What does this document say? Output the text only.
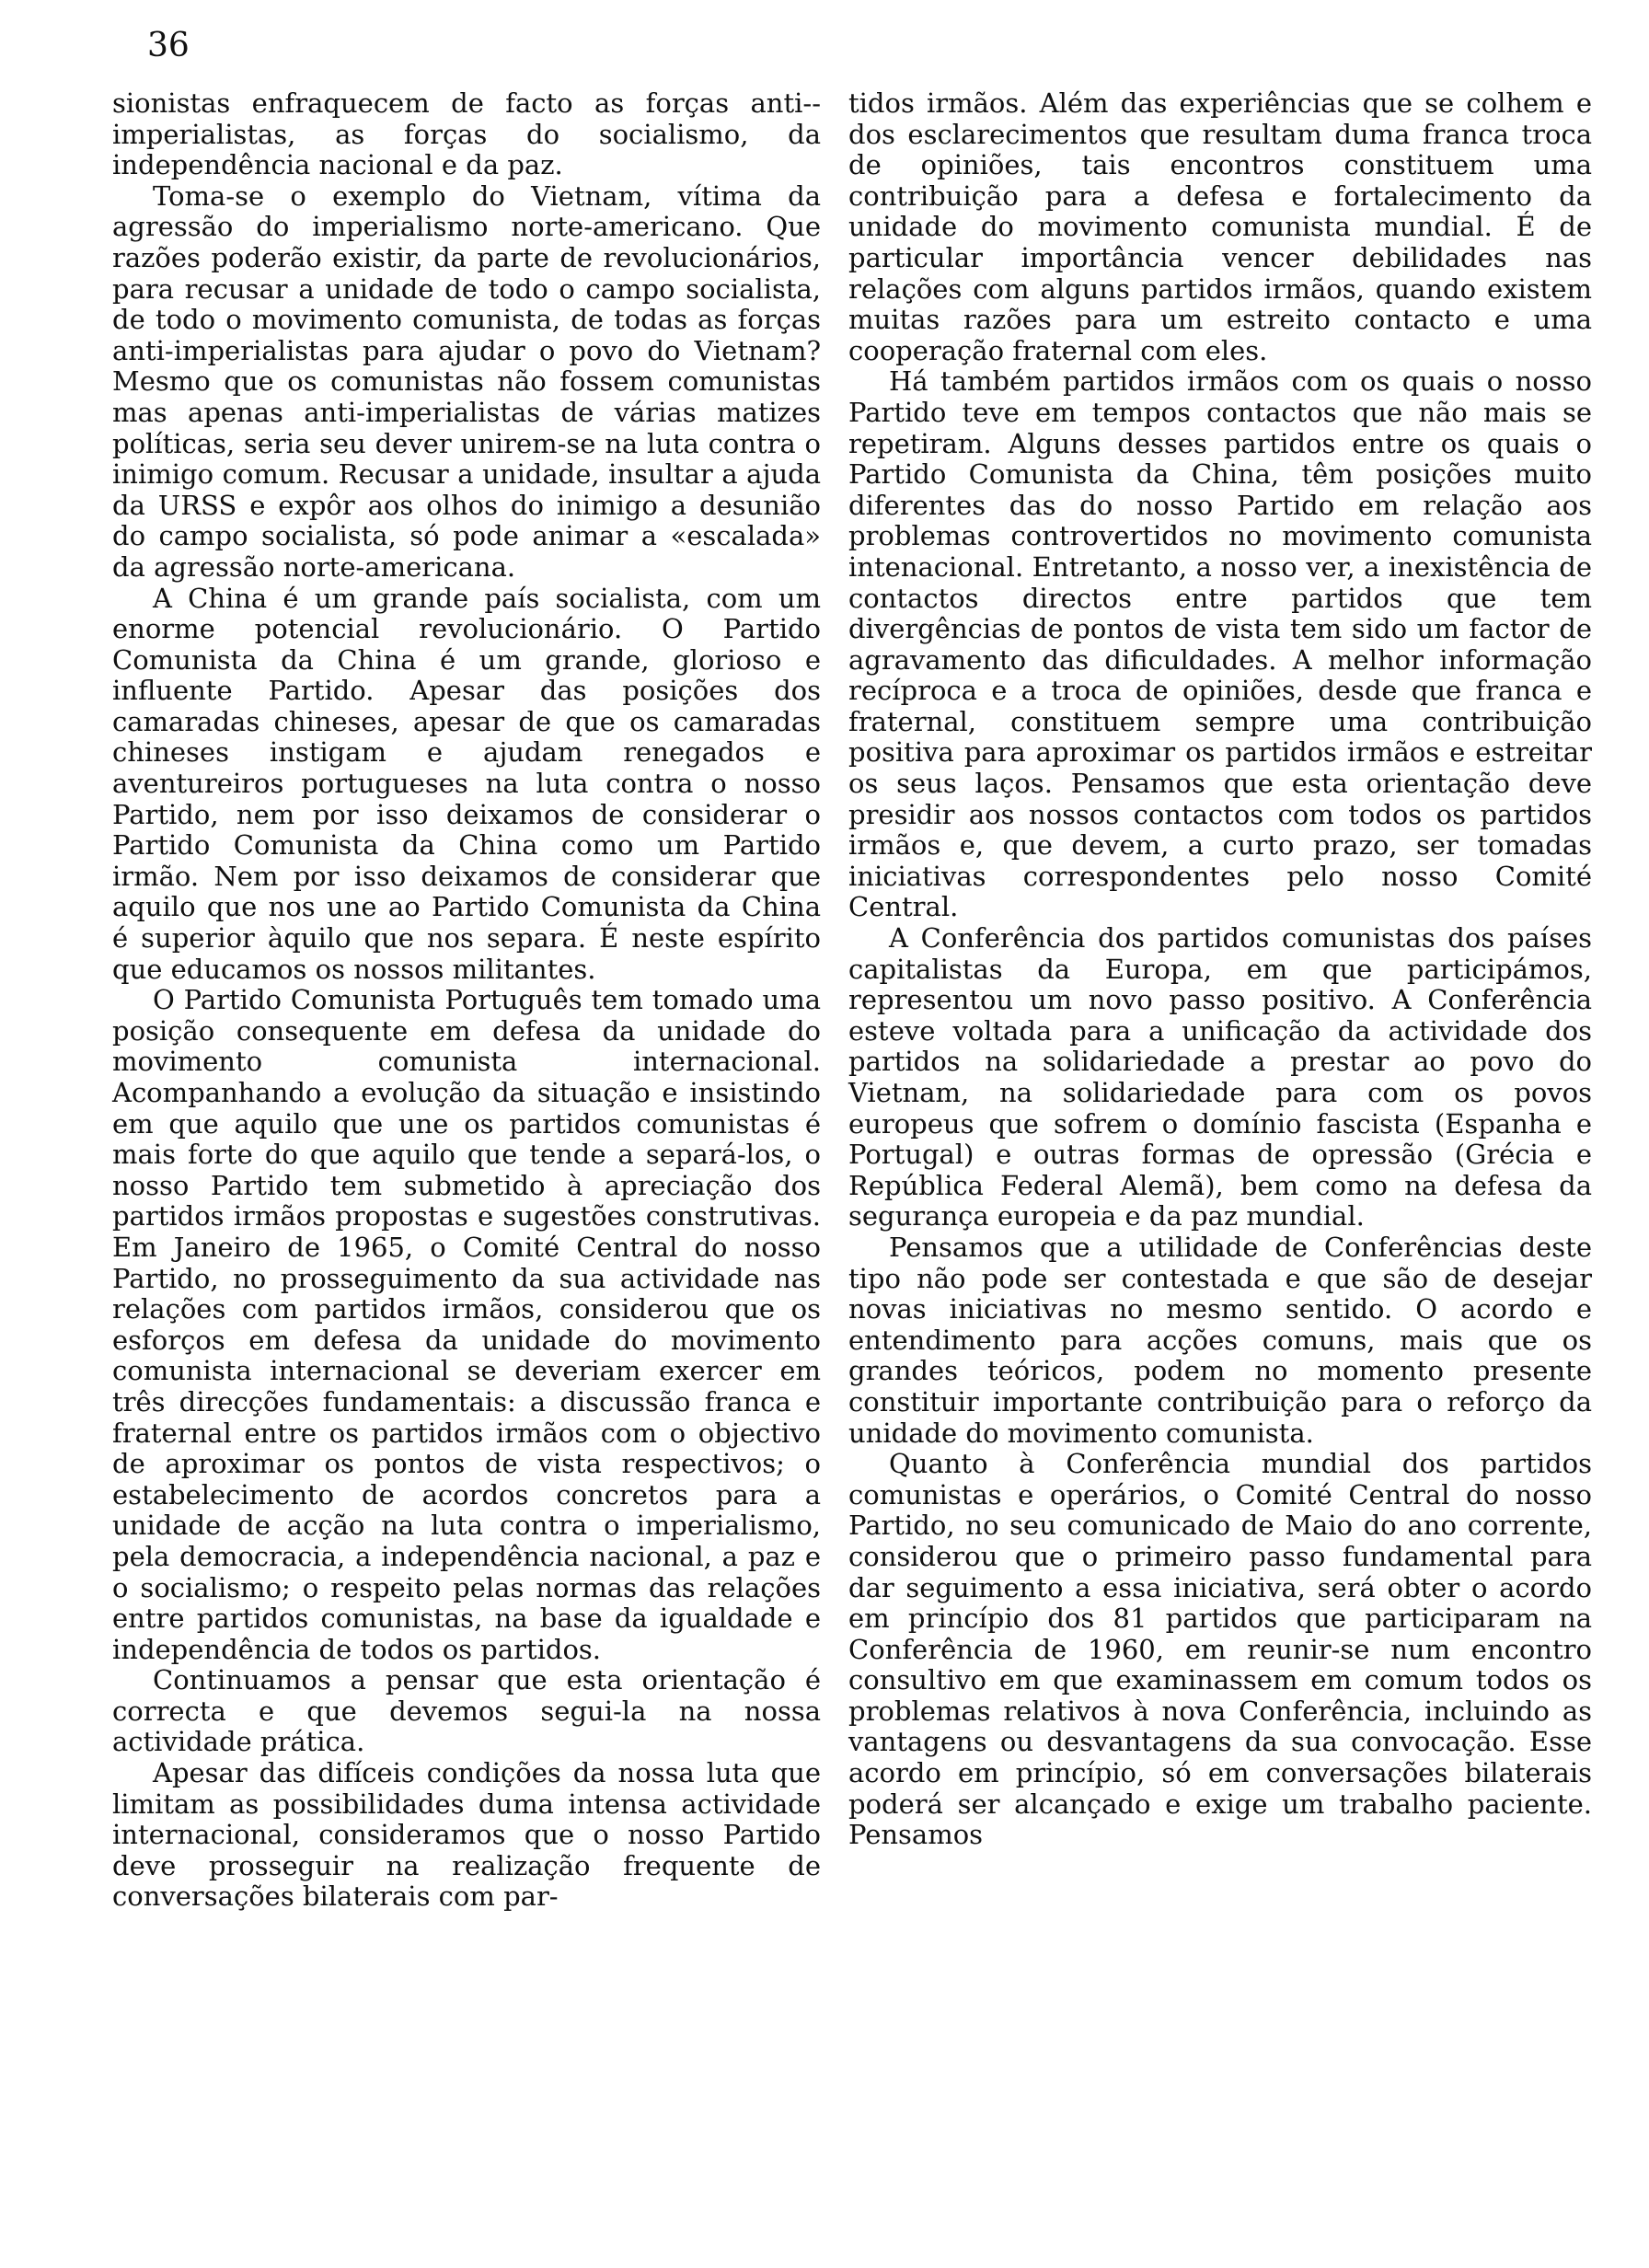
36

sionistas enfraquecem de facto as forças anti--imperialistas, as forças do socialismo, da independência nacional e da paz.

Toma-se o exemplo do Vietnam, vítima da agressão do imperialismo norte-americano. Que razões poderão existir, da parte de revolucionários, para recusar a unidade de todo o campo socialista, de todo o movimento comunista, de todas as forças anti-imperialistas para ajudar o povo do Vietnam? Mesmo que os comunistas não fossem comunistas mas apenas anti-imperialistas de várias matizes políticas, seria seu dever unirem-se na luta contra o inimigo comum. Recusar a unidade, insultar a ajuda da URSS e expôr aos olhos do inimigo a desunião do campo socialista, só pode animar a «escalada» da agressão norte-americana.

A China é um grande país socialista, com um enorme potencial revolucionário. O Partido Comunista da China é um grande, glorioso e influente Partido. Apesar das posições dos camaradas chineses, apesar de que os camaradas chineses instigam e ajudam renegados e aventureiros portugueses na luta contra o nosso Partido, nem por isso deixamos de considerar o Partido Comunista da China como um Partido irmão. Nem por isso deixamos de considerar que aquilo que nos une ao Partido Comunista da China é superior àquilo que nos separa. É neste espírito que educamos os nossos militantes.

O Partido Comunista Português tem tomado uma posição consequente em defesa da unidade do movimento comunista internacional. Acompanhando a evolução da situação e insistindo em que aquilo que une os partidos comunistas é mais forte do que aquilo que tende a separá-los, o nosso Partido tem submetido à apreciação dos partidos irmãos propostas e sugestões construtivas. Em Janeiro de 1965, o Comité Central do nosso Partido, no prosseguimento da sua actividade nas relações com partidos irmãos, considerou que os esforços em defesa da unidade do movimento comunista internacional se deveriam exercer em três direcções fundamentais: a discussão franca e fraternal entre os partidos irmãos com o objectivo de aproximar os pontos de vista respectivos; o estabelecimento de acordos concretos para a unidade de acção na luta contra o imperialismo, pela democracia, a independência nacional, a paz e o socialismo; o respeito pelas normas das relações entre partidos comunistas, na base da igualdade e independência de todos os partidos.

Continuamos a pensar que esta orientação é correcta e que devemos segui-la na nossa actividade prática.

Apesar das difíceis condições da nossa luta que limitam as possibilidades duma intensa actividade internacional, consideramos que o nosso Partido deve prosseguir na realização frequente de conversações bilaterais com par-

tidos irmãos. Além das experiências que se colhem e dos esclarecimentos que resultam duma franca troca de opiniões, tais encontros constituem uma contribuição para a defesa e fortalecimento da unidade do movimento comunista mundial. É de particular importância vencer debilidades nas relações com alguns partidos irmãos, quando existem muitas razões para um estreito contacto e uma cooperação fraternal com eles.

Há também partidos irmãos com os quais o nosso Partido teve em tempos contactos que não mais se repetiram. Alguns desses partidos entre os quais o Partido Comunista da China, têm posições muito diferentes das do nosso Partido em relação aos problemas controvertidos no movimento comunista intenacional. Entretanto, a nosso ver, a inexistência de contactos directos entre partidos que tem divergências de pontos de vista tem sido um factor de agravamento das dificuldades. A melhor informação recíproca e a troca de opiniões, desde que franca e fraternal, constituem sempre uma contribuição positiva para aproximar os partidos irmãos e estreitar os seus laços. Pensamos que esta orientação deve presidir aos nossos contactos com todos os partidos irmãos e, que devem, a curto prazo, ser tomadas iniciativas correspondentes pelo nosso Comité Central.

A Conferência dos partidos comunistas dos países capitalistas da Europa, em que participámos, representou um novo passo positivo. A Conferência esteve voltada para a unificação da actividade dos partidos na solidariedade a prestar ao povo do Vietnam, na solidariedade para com os povos europeus que sofrem o domínio fascista (Espanha e Portugal) e outras formas de opressão (Grécia e República Federal Alemã), bem como na defesa da segurança europeia e da paz mundial.

Pensamos que a utilidade de Conferências deste tipo não pode ser contestada e que são de desejar novas iniciativas no mesmo sentido. O acordo e entendimento para acções comuns, mais que os grandes teóricos, podem no momento presente constituir importante contribuição para o reforço da unidade do movimento comunista.

Quanto à Conferência mundial dos partidos comunistas e operários, o Comité Central do nosso Partido, no seu comunicado de Maio do ano corrente, considerou que o primeiro passo fundamental para dar seguimento a essa iniciativa, será obter o acordo em princípio dos 81 partidos que participaram na Conferência de 1960, em reunir-se num encontro consultivo em que examinassem em comum todos os problemas relativos à nova Conferência, incluindo as vantagens ou desvantagens da sua convocação. Esse acordo em princípio, só em conversações bilaterais poderá ser alcançado e exige um trabalho paciente. Pensamos
